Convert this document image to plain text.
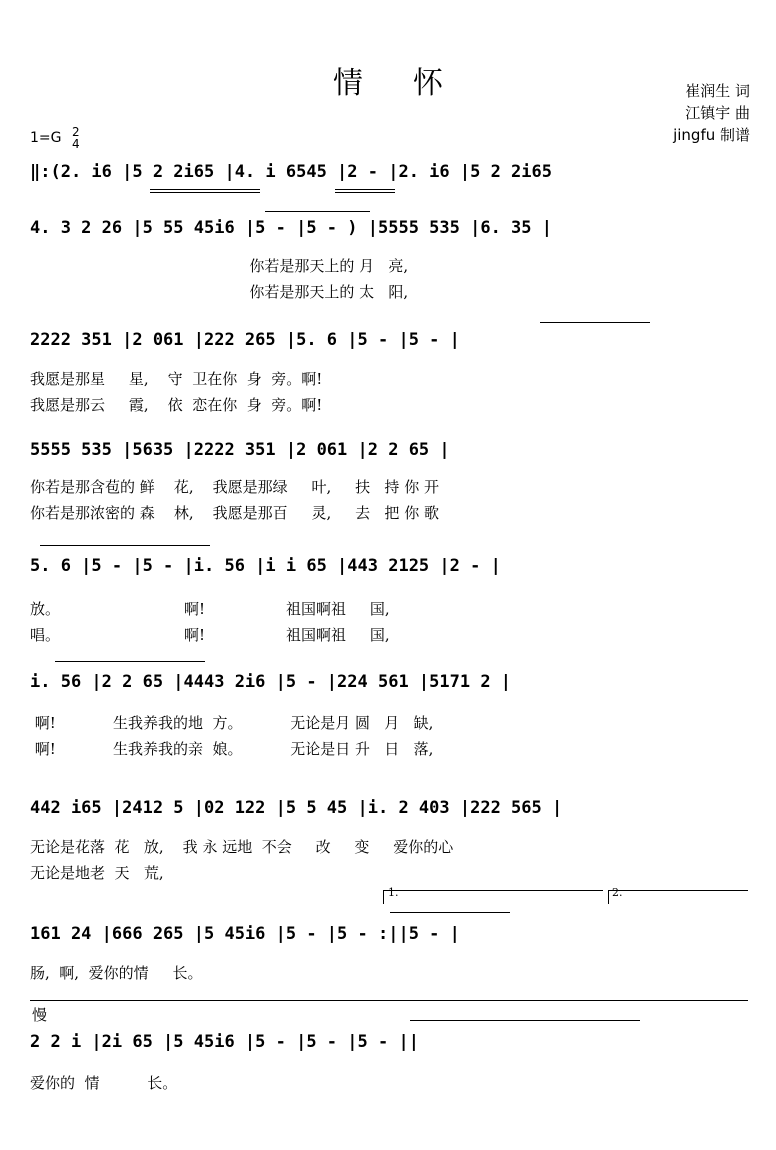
情 怀	崔润生 词
江镇宇 曲
jingfu 制谱
1=G 2
4
‖:(2. i6 |5 2 2i65 |4. i 6545 |2 - |2. i6 |5 2 2i65
4. 3 2 26 |5 55 45i6 |5 - |5 - ) |5555 535 |6. 35 |
你若是那天上的 月   亮,
你若是那天上的 太   阳,
2222 351 |2 061 |222 265 |5. 6 |5 - |5 - |
我愿是那星     星,    守  卫在你  身  旁。啊!
我愿是那云     霞,    依  恋在你  身  旁。啊!
5555 535 |5635 |2222 351 |2 061 |2 2 65 |
你若是那含苞的 鲜    花,    我愿是那绿     叶,     扶   持 你 开
你若是那浓密的 森    林,    我愿是那百     灵,     去   把 你 歌
5. 6 |5 - |5 - |i. 56 |i i 65 |443 2125 |2 - |
放。                          啊!                 祖国啊祖     国,
唱。                          啊!                 祖国啊祖     国,
i. 56 |2 2 65 |4443 2i6 |5 - |224 561 |5171 2 |
啊!            生我养我的地  方。          无论是月 圆   月   缺,
啊!            生我养我的亲  娘。          无论是日 升   日   落,
442 i65 |2412 5 |02 122 |5 5 45 |i. 2 403 |222 565 |
无论是花落  花   放,    我 永 远地  不会     改     变     爱你的心
无论是地老  天   荒,
1.	2.
161 24 |666 265 |5 45i6 |5 - |5 - :||5 - |
肠,  啊,  爱你的情     长。
慢
2 2 i |2i 65 |5 45i6 |5 - |5 - |5 - ||
爱你的  情          长。
